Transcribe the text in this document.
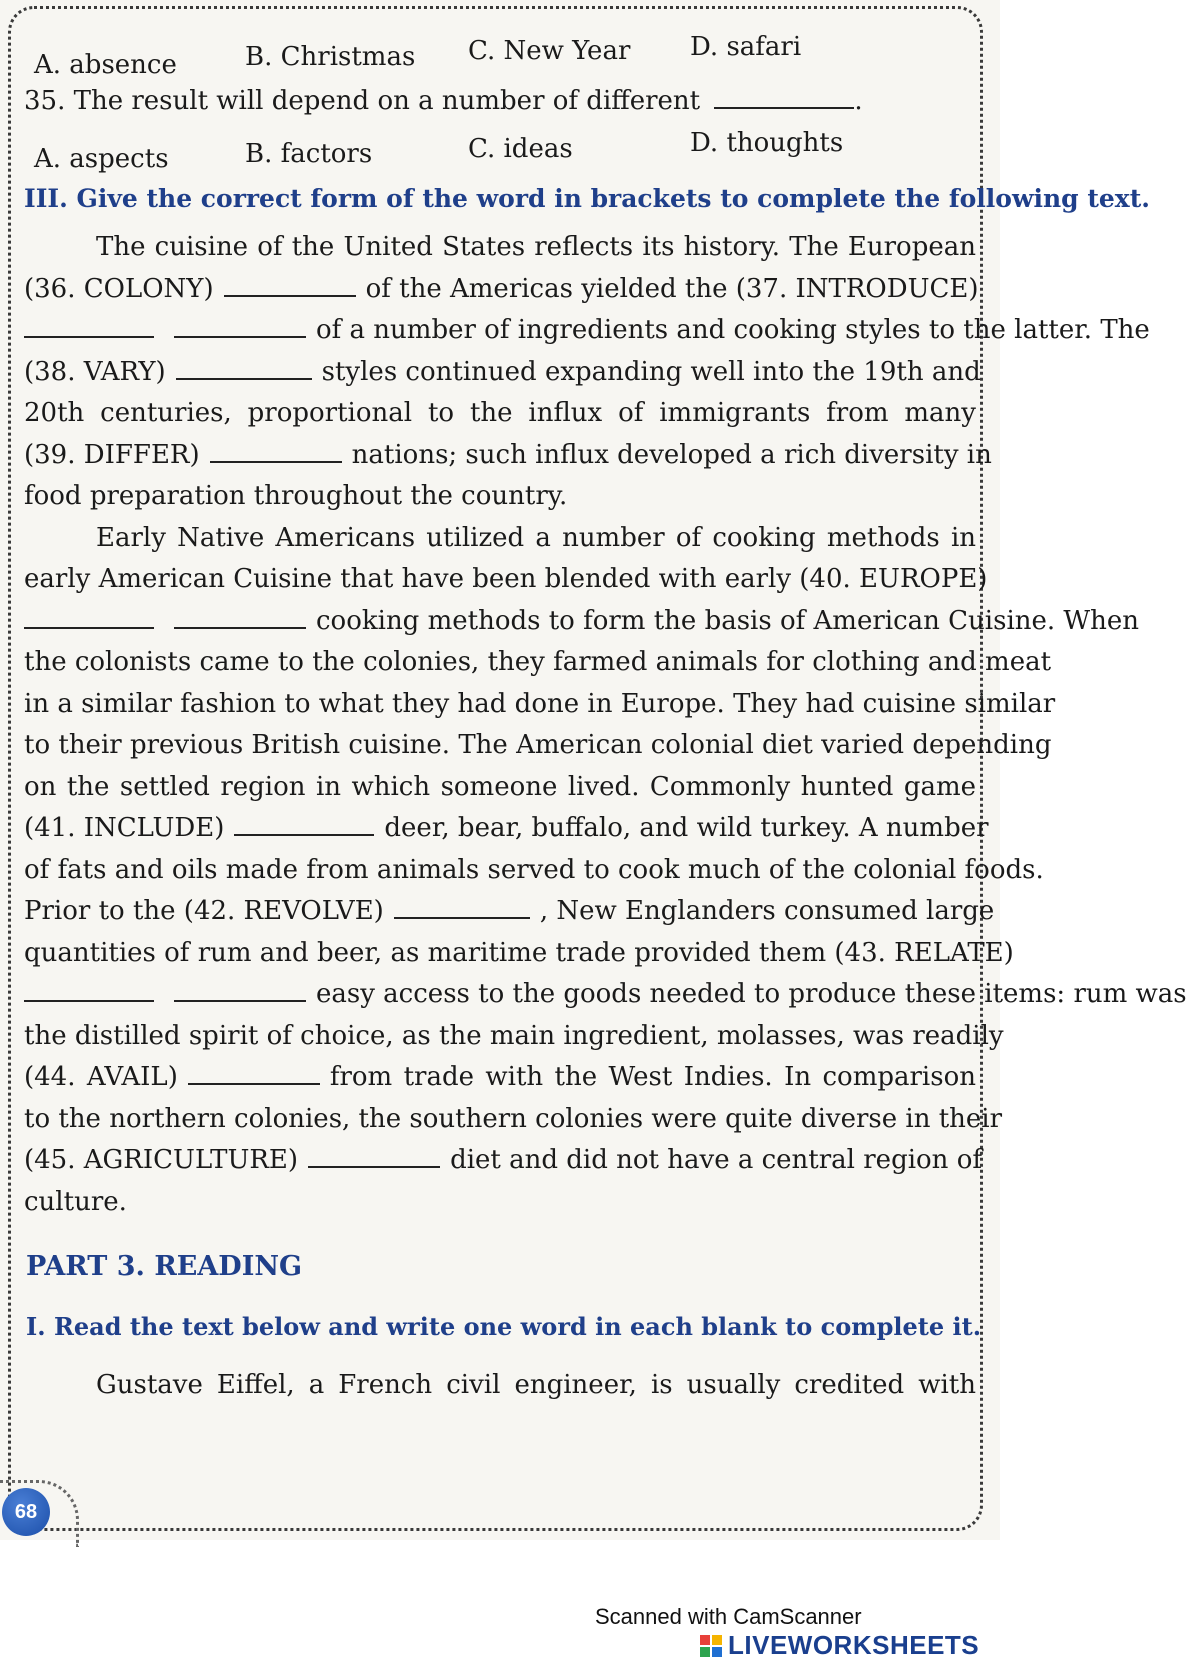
A. absence	B. Christmas C. New Year D. safari
35. The result will depend on a number of different	.
A. aspects	B. factors	C. ideas	D. thoughts
III. Give the correct form of the word in brackets to complete the following text.
The cuisine of the United States reflects its history. The European
(36. COLONY)	of the Americas yielded the (37. INTRODUCE)
of a number of ingredients and cooking styles to the latter. The
(38. VARY)	styles continued expanding well into the 19th and
20th centuries, proportional to the influx of immigrants from many
(39. DIFFER)	nations; such influx developed a rich diversity in
food preparation throughout the country.
Early Native Americans utilized a number of cooking methods in
early American Cuisine that have been blended with early (40. EUROPE)
cooking methods to form the basis of American Cuisine. When
the colonists came to the colonies, they farmed animals for clothing and meat
in a similar fashion to what they had done in Europe. They had cuisine similar
to their previous British cuisine. The American colonial diet varied depending
on the settled region in which someone lived. Commonly hunted game
(41. INCLUDE)	deer, bear, buffalo, and wild turkey. A number
of fats and oils made from animals served to cook much of the colonial foods.
Prior to the (42. REVOLVE)	, New Englanders consumed large
quantities of rum and beer, as maritime trade provided them (43. RELATE)
easy access to the goods needed to produce these items: rum was
the distilled spirit of choice, as the main ingredient, molasses, was readily
(44. AVAIL)	from trade with the West Indies. In comparison
to the northern colonies, the southern colonies were quite diverse in their
(45. AGRICULTURE)	diet and did not have a central region of
culture.
PART 3. READING
I. Read the text below and write one word in each blank to complete it.
Gustave Eiffel, a French civil engineer, is usually credited with
68
Scanned with CamScanner
LIVEWORKSHEETS
